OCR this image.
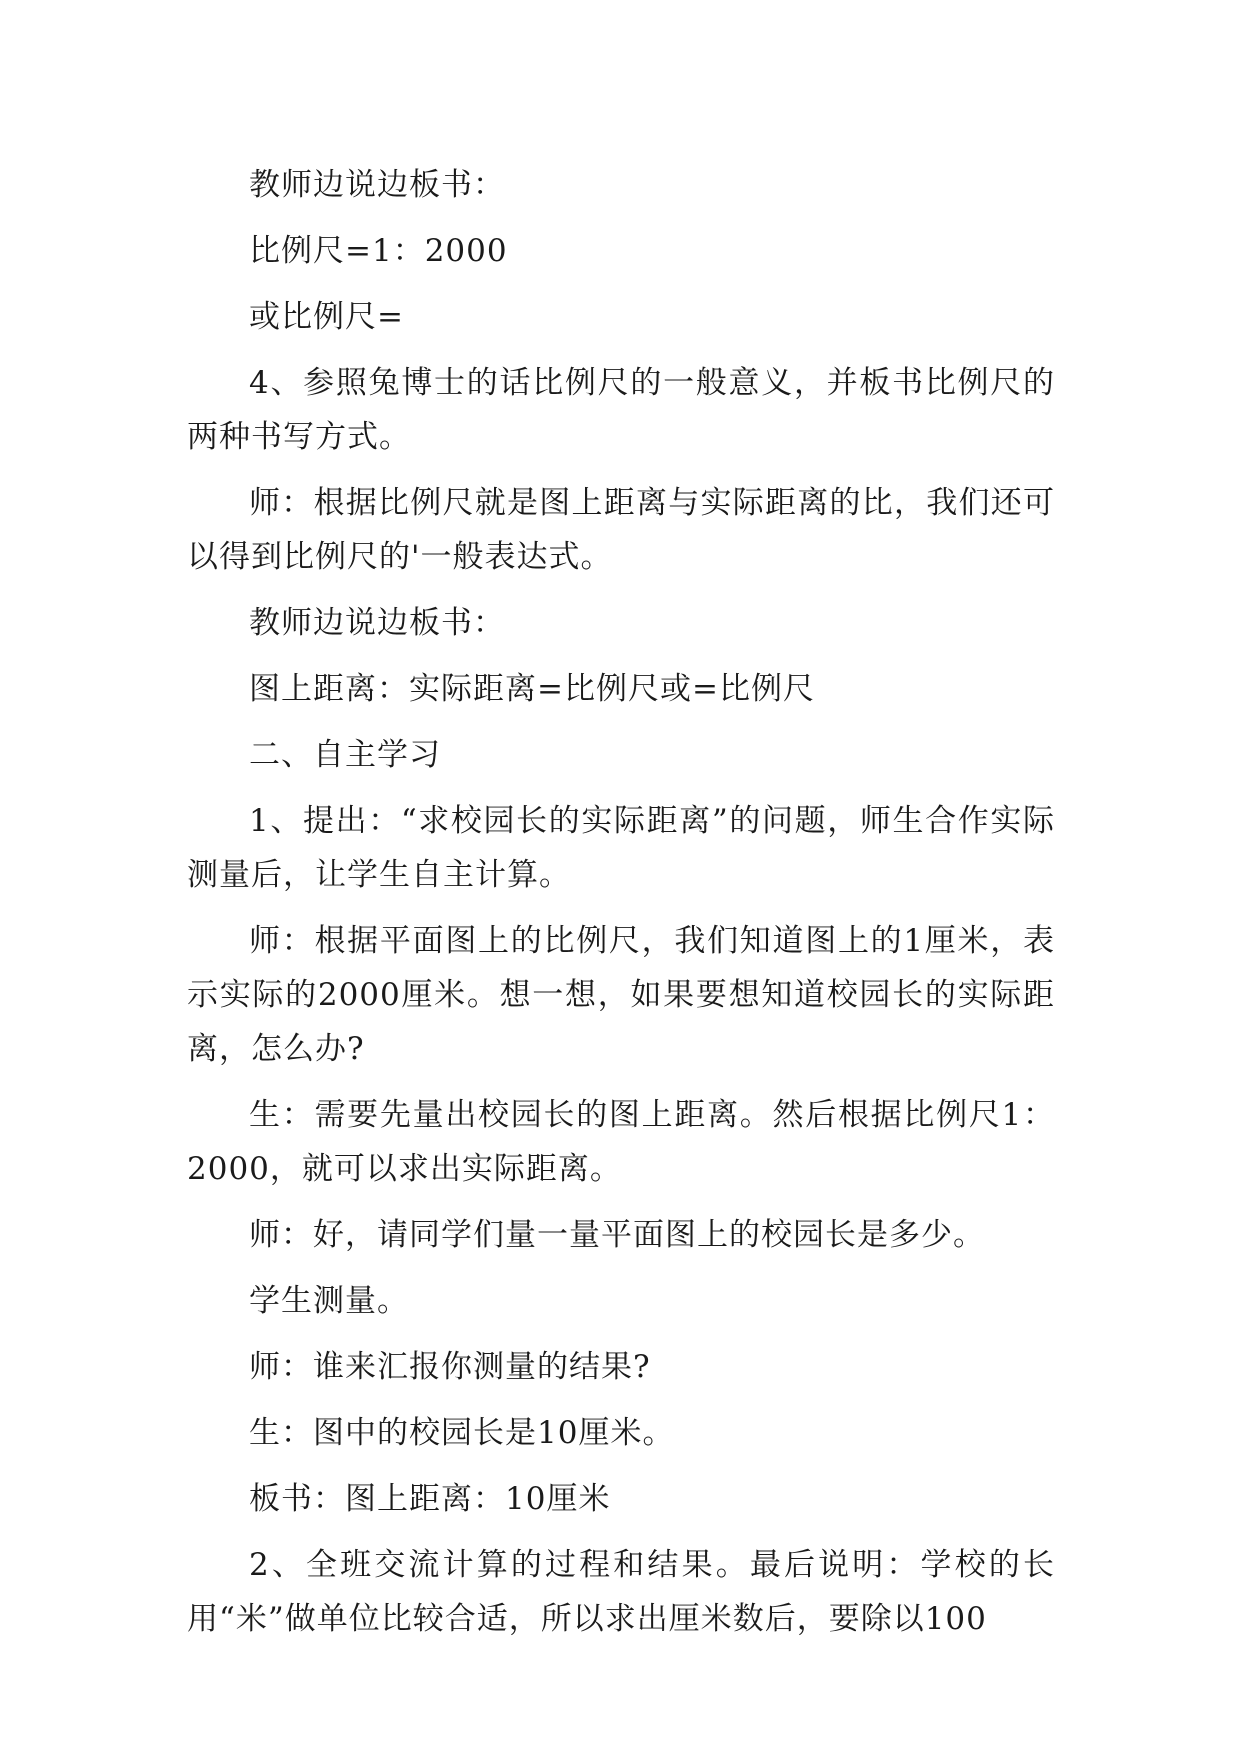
教师边说边板书：

比例尺=1：2000

或比例尺=

4、参照兔博士的话比例尺的一般意义，并板书比例尺的两种书写方式。

师：根据比例尺就是图上距离与实际距离的比，我们还可以得到比例尺的'一般表达式。

教师边说边板书：

图上距离：实际距离=比例尺或=比例尺

二、自主学习

1、提出：“求校园长的实际距离”的问题，师生合作实际测量后，让学生自主计算。

师：根据平面图上的比例尺，我们知道图上的1厘米，表示实际的2000厘米。想一想，如果要想知道校园长的实际距离，怎么办?

生：需要先量出校园长的图上距离。然后根据比例尺1：2000，就可以求出实际距离。

师：好，请同学们量一量平面图上的校园长是多少。

学生测量。

师：谁来汇报你测量的结果?

生：图中的校园长是10厘米。

板书：图上距离：10厘米

2、全班交流计算的过程和结果。最后说明：学校的长用“米”做单位比较合适，所以求出厘米数后，要除以100
